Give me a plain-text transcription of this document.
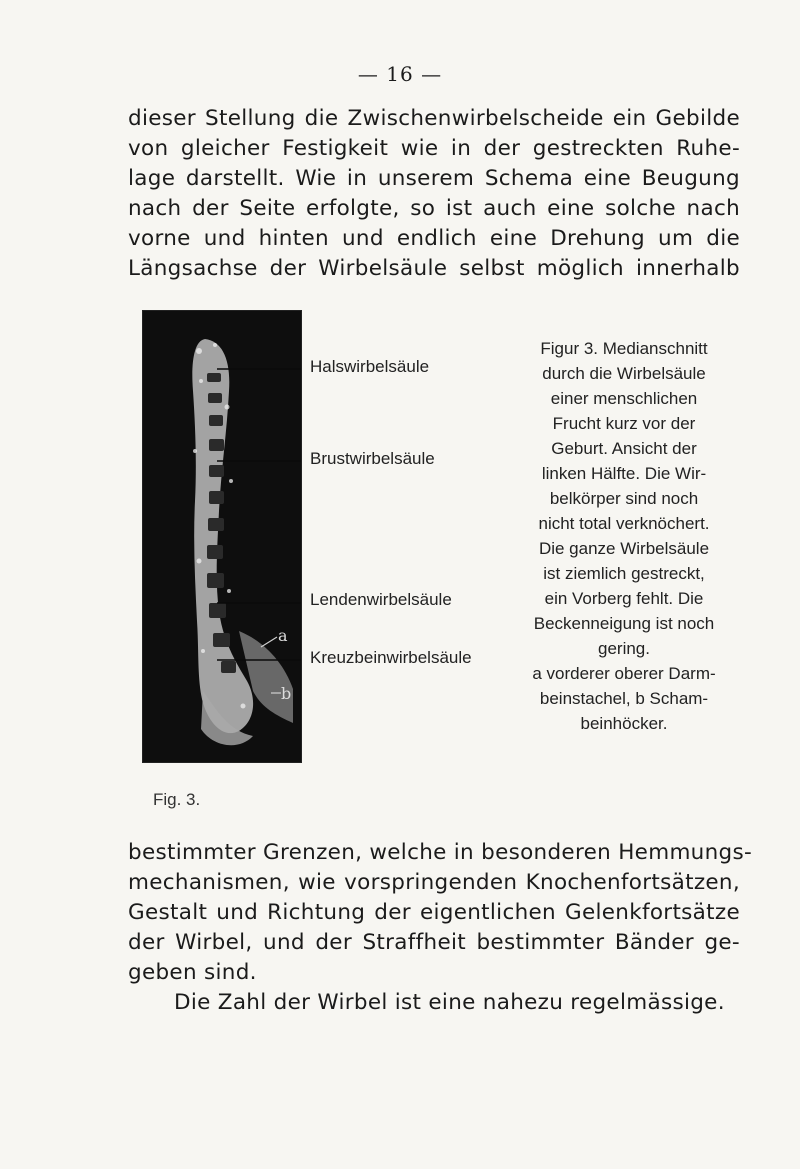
— 16 —
dieser Stellung die Zwischenwirbelscheide ein Gebilde
von gleicher Festigkeit wie in der gestreckten Ruhe-
lage darstellt. Wie in unserem Schema eine Beugung
nach der Seite erfolgte, so ist auch eine solche nach
vorne und hinten und endlich eine Drehung um die
Längsachse der Wirbelsäule selbst möglich innerhalb
a
b
Halswirbelsäule
Brustwirbelsäule
Lendenwirbelsäule
Kreuzbeinwirbelsäule
Figur 3. Medianschnitt
durch die Wirbelsäule
einer menschlichen
Frucht kurz vor der
Geburt. Ansicht der
linken Hälfte. Die Wir-
belkörper sind noch
nicht total verknöchert.
Die ganze Wirbelsäule
ist ziemlich gestreckt,
ein Vorberg fehlt. Die
Beckenneigung ist noch
gering.
a vorderer oberer Darm-
beinstachel, b Scham-
beinhöcker.
Fig. 3.
bestimmter Grenzen, welche in besonderen Hemmungs-
mechanismen, wie vorspringenden Knochenfortsätzen,
Gestalt und Richtung der eigentlichen Gelenkfortsätze
der Wirbel, und der Straffheit bestimmter Bänder ge-
geben sind.
Die Zahl der Wirbel ist eine nahezu regelmässige.
